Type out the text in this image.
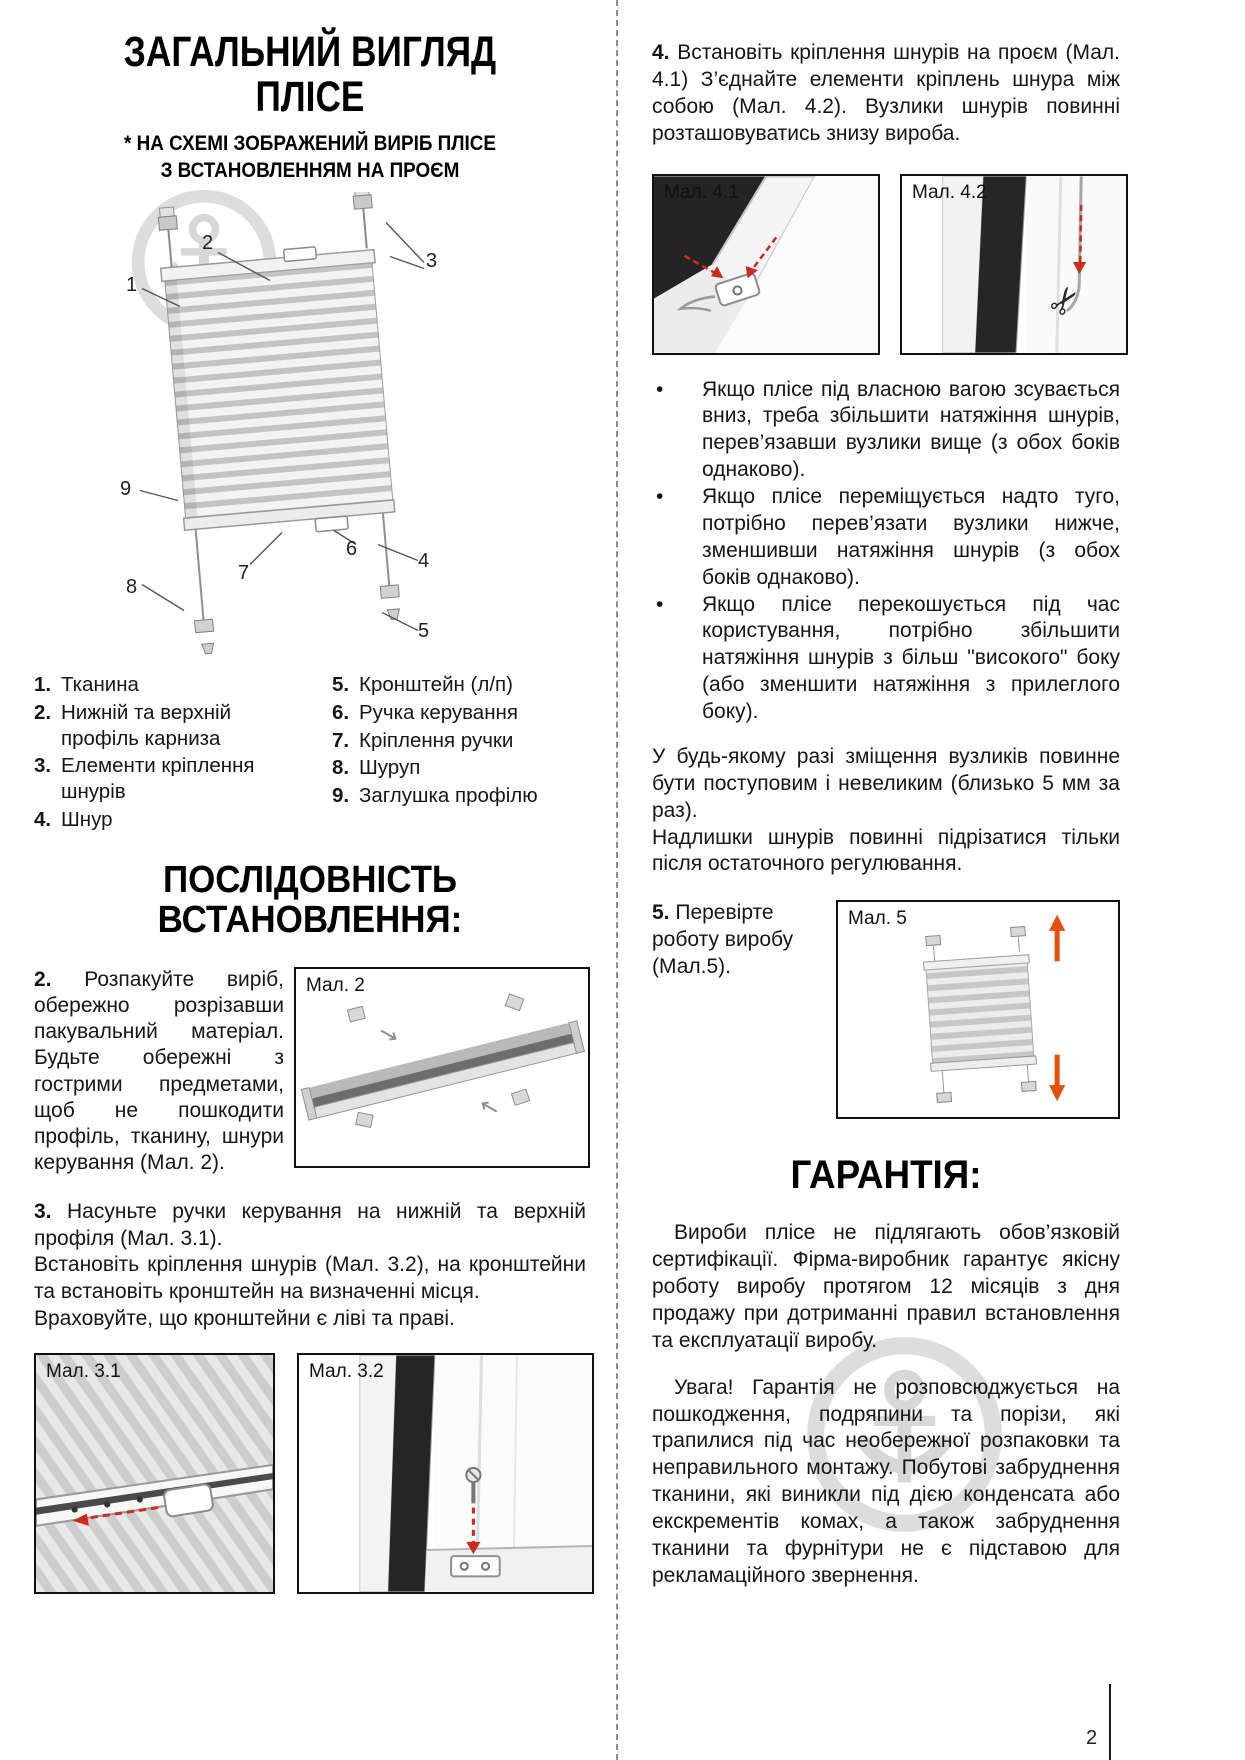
ЗАГАЛЬНИЙ ВИГЛЯД
ПЛІСЕ
* НА СХЕМІ ЗОБРАЖЕНИЙ ВИРІБ ПЛІСЕ
З ВСТАНОВЛЕННЯМ НА ПРОЄМ
1
2
3
9
7
6
4
8
5
1. Тканина
2. Нижній та верхній профіль карниза
3. Елементи кріплення шнурів
4. Шнур
5. Кронштейн (л/п)
6. Ручка керування
7. Кріплення ручки
8. Шуруп
9. Заглушка профілю
ПОСЛІДОВНІСТЬ ВСТАНОВЛЕННЯ:

2. Розпакуйте виріб, обережно розрізавши пакувальний матеріал. Будьте обережні з гострими предметами, щоб не пошкодити профіль, тканину, шнури керування (Мал. 2).

Мал. 2

3. Насуньте ручки керування на нижній та верхній профіля (Мал. 3.1).

Встановіть кріплення шнурів (Мал. 3.2), на кронштейни та встановіть кронштейн на визначенні місця.

Враховуйте, що кронштейни є ліві та праві.

Мал. 3.1	Мал. 3.2

4. Встановіть кріплення шнурів на проєм (Мал. 4.1) З’єднайте елементи кріплень шнура між собою (Мал. 4.2). Вузлики шнурів повинні розташовуватись знизу вироба.

Мал. 4.1	Мал. 4.2
✂
•	Якщо плісе під власною вагою зсувається вниз, треба збільшити натяжіння шнурів, перев’язавши вузлики вище (з обох боків однаково).

•	Якщо плісе переміщується надто туго, потрібно перев’язати вузлики нижче, зменшивши натяжіння шнурів (з обох боків однаково).

•	Якщо плісе перекошується під час користування, потрібно збільшити натяжіння шнурів з більш "високого" боку (або зменшити натяжіння з прилеглого боку).

У будь-якому разі зміщення вузликів повинне бути поступовим і невеликим (близько 5 мм за раз).

Надлишки шнурів повинні підрізатися тільки після остаточного регулювання.

5. Перевірте роботу виробу (Мал.5).

Мал. 5
ГАРАНТІЯ:

Вироби плісе не підлягають обов’язковій сертифікації. Фірма-виробник гарантує якісну роботу виробу протягом 12 місяців з дня продажу при дотриманні правил встановлення та експлуатації виробу.

Увага! Гарантія не розповсюджується на пошкодження, подряпини та порізи, які трапилися під час необережної розпаковки та неправильного монтажу. Побутові забруднення тканини, які виникли під дією конденсата або екскрементів комах, а також забруднення тканини та фурнітури не є підставою для рекламаційного звернення.

2
